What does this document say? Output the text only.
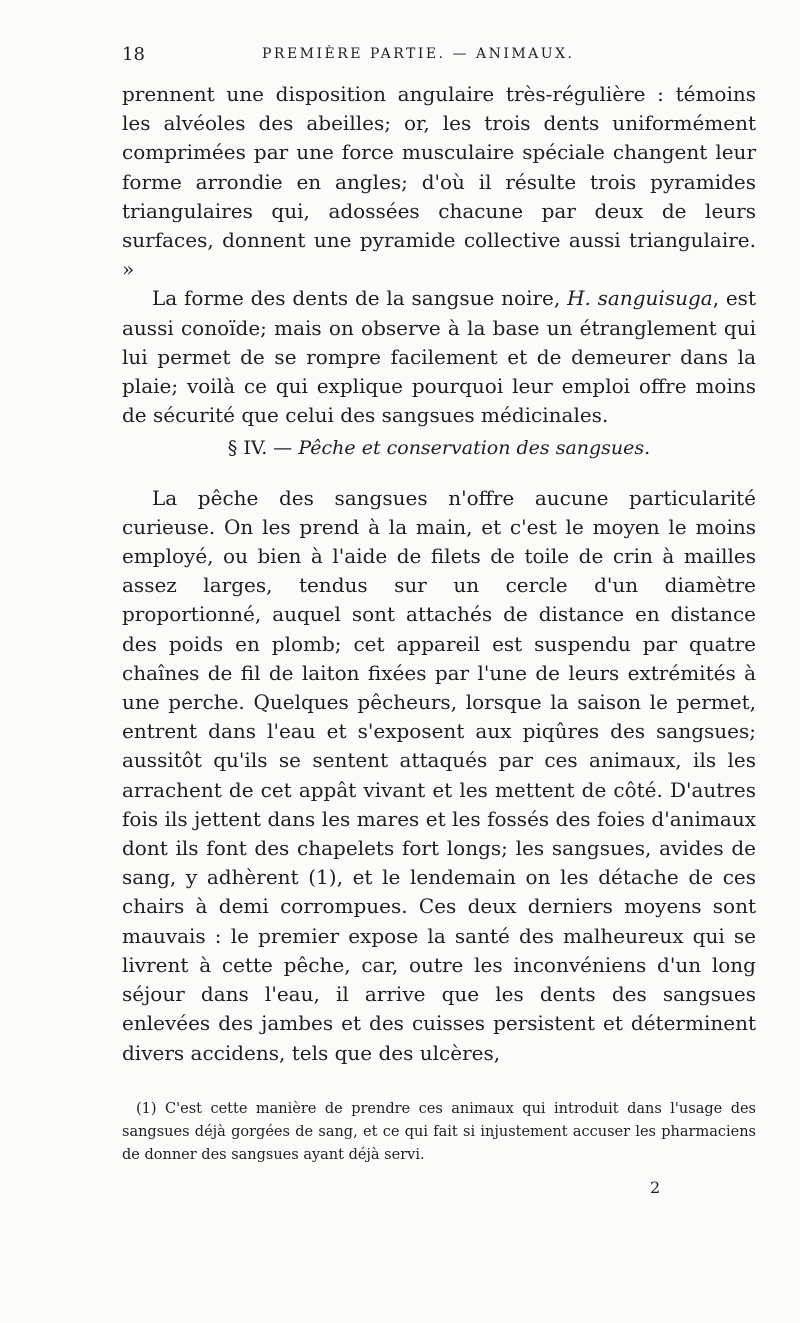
18	PREMIÈRE PARTIE. — ANIMAUX.

prennent une disposition angulaire très-régulière : témoins les alvéoles des abeilles; or, les trois dents uniformément comprimées par une force musculaire spéciale changent leur forme arrondie en angles; d'où il résulte trois pyramides triangulaires qui, adossées chacune par deux de leurs surfaces, donnent une pyramide collective aussi triangulaire. »

La forme des dents de la sangsue noire, H. sanguisuga, est aussi conoïde; mais on observe à la base un étranglement qui lui permet de se rompre facilement et de demeurer dans la plaie; voilà ce qui explique pourquoi leur emploi offre moins de sécurité que celui des sangsues médicinales.

§ IV. — Pêche et conservation des sangsues.

La pêche des sangsues n'offre aucune particularité curieuse. On les prend à la main, et c'est le moyen le moins employé, ou bien à l'aide de filets de toile de crin à mailles assez larges, tendus sur un cercle d'un diamètre proportionné, auquel sont attachés de distance en distance des poids en plomb; cet appareil est suspendu par quatre chaînes de fil de laiton fixées par l'une de leurs extrémités à une perche. Quelques pêcheurs, lorsque la saison le permet, entrent dans l'eau et s'exposent aux piqûres des sangsues; aussitôt qu'ils se sentent attaqués par ces animaux, ils les arrachent de cet appât vivant et les mettent de côté. D'autres fois ils jettent dans les mares et les fossés des foies d'animaux dont ils font des chapelets fort longs; les sangsues, avides de sang, y adhèrent (1), et le lendemain on les détache de ces chairs à demi corrompues. Ces deux derniers moyens sont mauvais : le premier expose la santé des malheureux qui se livrent à cette pêche, car, outre les inconvéniens d'un long séjour dans l'eau, il arrive que les dents des sangsues enlevées des jambes et des cuisses persistent et déterminent divers accidens, tels que des ulcères,

(1) C'est cette manière de prendre ces animaux qui introduit dans l'usage des sangsues déjà gorgées de sang, et ce qui fait si injustement accuser les pharmaciens de donner des sangsues ayant déjà servi.

2
